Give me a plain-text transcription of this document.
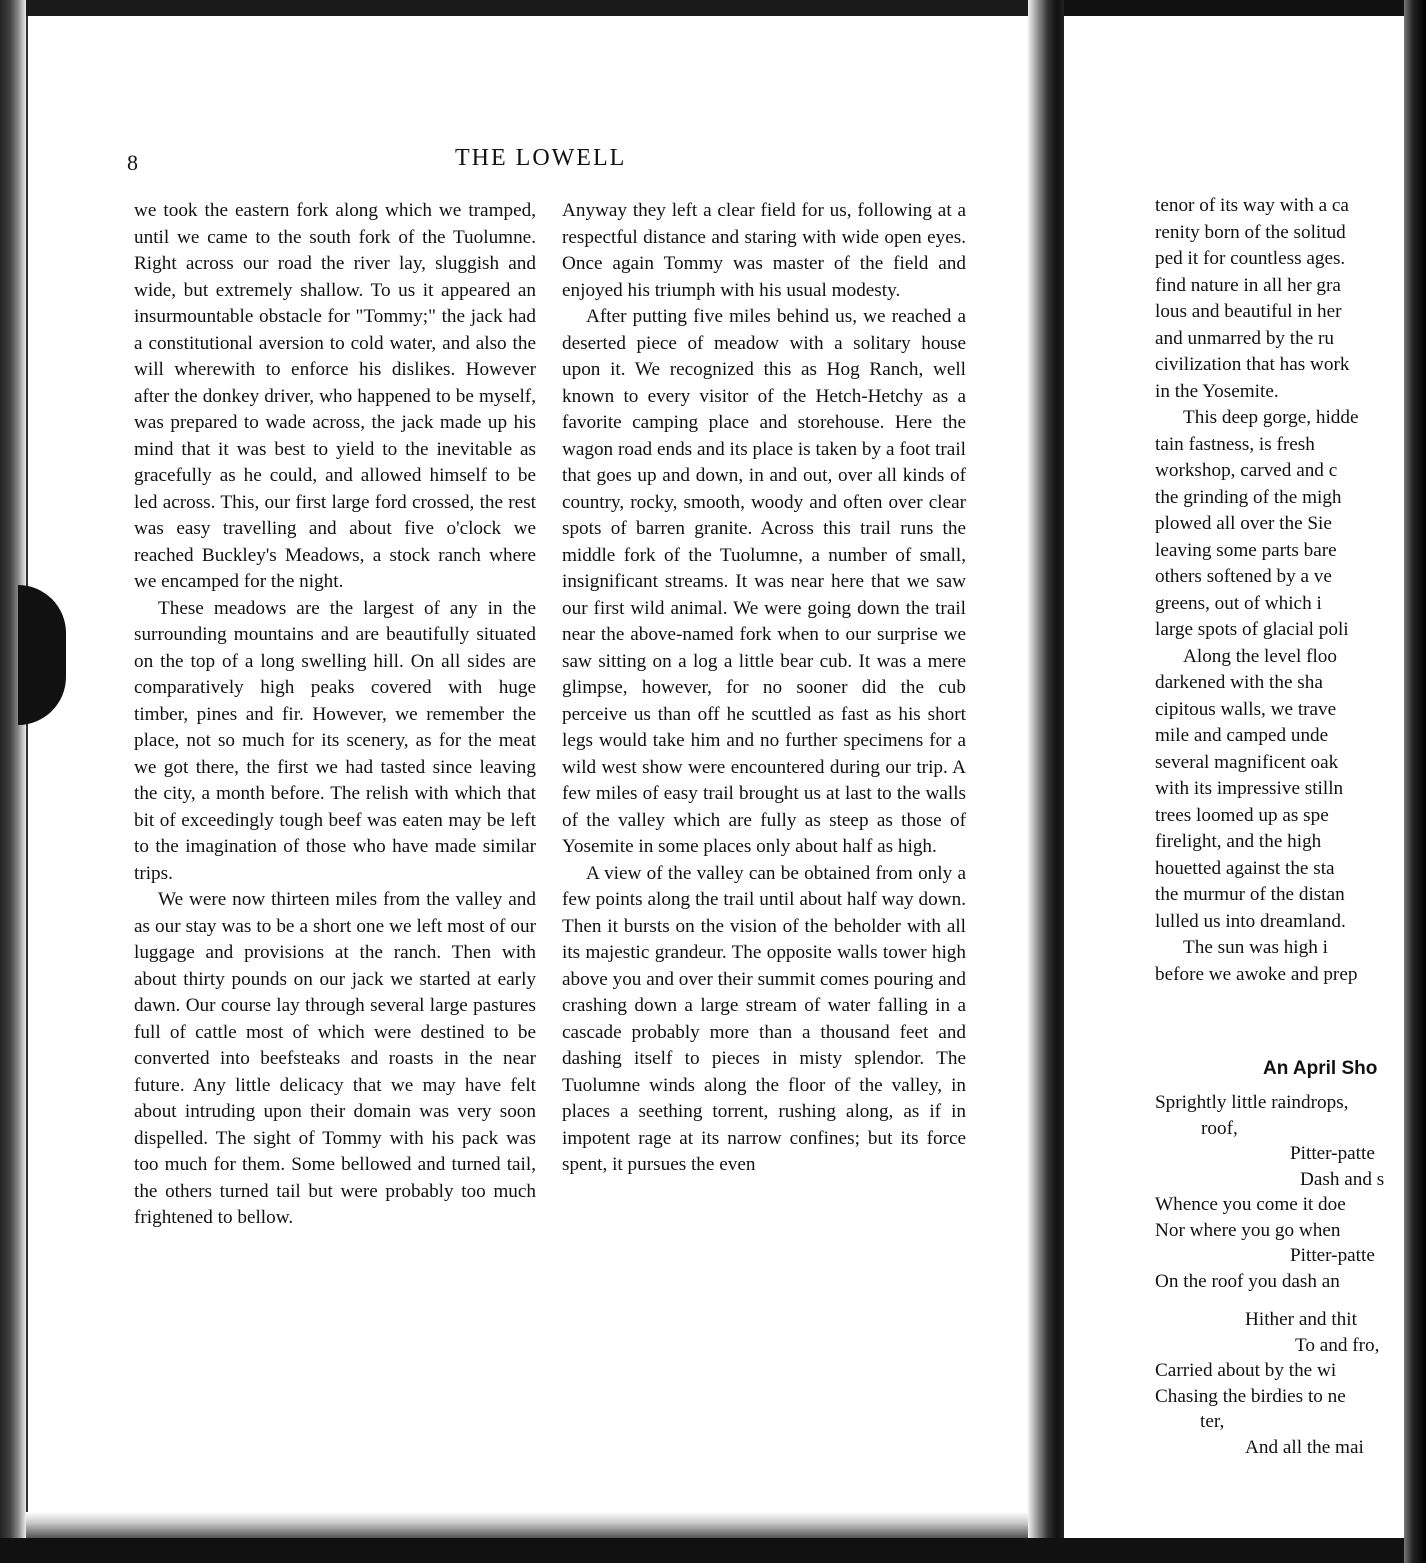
8	THE LOWELL

we took the eastern fork along which we tramped, until we came to the south fork of the Tuolumne. Right across our road the river lay, sluggish and wide, but extremely shallow. To us it appeared an insurmountable obstacle for "Tommy;" the jack had a constitutional aversion to cold water, and also the will wherewith to enforce his dislikes. However after the donkey driver, who happened to be myself, was prepared to wade across, the jack made up his mind that it was best to yield to the inevitable as gracefully as he could, and allowed himself to be led across. This, our first large ford crossed, the rest was easy travelling and about five o'clock we reached Buckley's Meadows, a stock ranch where we encamped for the night.

These meadows are the largest of any in the surrounding mountains and are beautifully situated on the top of a long swelling hill. On all sides are comparatively high peaks covered with huge timber, pines and fir. However, we remember the place, not so much for its scenery, as for the meat we got there, the first we had tasted since leaving the city, a month before. The relish with which that bit of exceedingly tough beef was eaten may be left to the imagination of those who have made similar trips.

We were now thirteen miles from the valley and as our stay was to be a short one we left most of our luggage and provisions at the ranch. Then with about thirty pounds on our jack we started at early dawn. Our course lay through several large pastures full of cattle most of which were destined to be converted into beefsteaks and roasts in the near future. Any little delicacy that we may have felt about intruding upon their domain was very soon dispelled. The sight of Tommy with his pack was too much for them. Some bellowed and turned tail, the others turned tail but were probably too much frightened to bellow.

Anyway they left a clear field for us, following at a respectful distance and staring with wide open eyes. Once again Tommy was master of the field and enjoyed his triumph with his usual modesty.

After putting five miles behind us, we reached a deserted piece of meadow with a solitary house upon it. We recognized this as Hog Ranch, well known to every visitor of the Hetch-Hetchy as a favorite camping place and storehouse. Here the wagon road ends and its place is taken by a foot trail that goes up and down, in and out, over all kinds of country, rocky, smooth, woody and often over clear spots of barren granite. Across this trail runs the middle fork of the Tuolumne, a number of small, insignificant streams. It was near here that we saw our first wild animal. We were going down the trail near the above-named fork when to our surprise we saw sitting on a log a little bear cub. It was a mere glimpse, however, for no sooner did the cub perceive us than off he scuttled as fast as his short legs would take him and no further specimens for a wild west show were encountered during our trip. A few miles of easy trail brought us at last to the walls of the valley which are fully as steep as those of Yosemite in some places only about half as high.

A view of the valley can be obtained from only a few points along the trail until about half way down. Then it bursts on the vision of the beholder with all its majestic grandeur. The opposite walls tower high above you and over their summit comes pouring and crashing down a large stream of water falling in a cascade probably more than a thousand feet and dashing itself to pieces in misty splendor. The Tuolumne winds along the floor of the valley, in places a seething torrent, rushing along, as if in impotent rage at its narrow confines; but its force spent, it pursues the even

tenor of its way with a ca

renity born of the solitud

ped it for countless ages.

find nature in all her gra

lous and beautiful in her

and unmarred by the ru

civilization that has work

in the Yosemite.

This deep gorge, hidde

tain fastness, is fresh

workshop, carved and c

the grinding of the migh

plowed all over the Sie

leaving some parts bare

others softened by a ve

greens, out of which i

large spots of glacial poli

Along the level floo

darkened with the sha

cipitous walls, we trave

mile and camped unde

several magnificent oak

with its impressive stilln

trees loomed up as spe

firelight, and the high

houetted against the sta

the murmur of the distan

lulled us into dreamland.

The sun was high i

before we awoke and prep

An April Sho
Sprightly little raindrops,
roof,
Pitter-patte
Dash and s
Whence you come it doe
Nor where you go when
Pitter-patte
On the roof you dash an
Hither and thit
To and fro,
Carried about by the wi
Chasing the birdies to ne
ter,
And all the mai
